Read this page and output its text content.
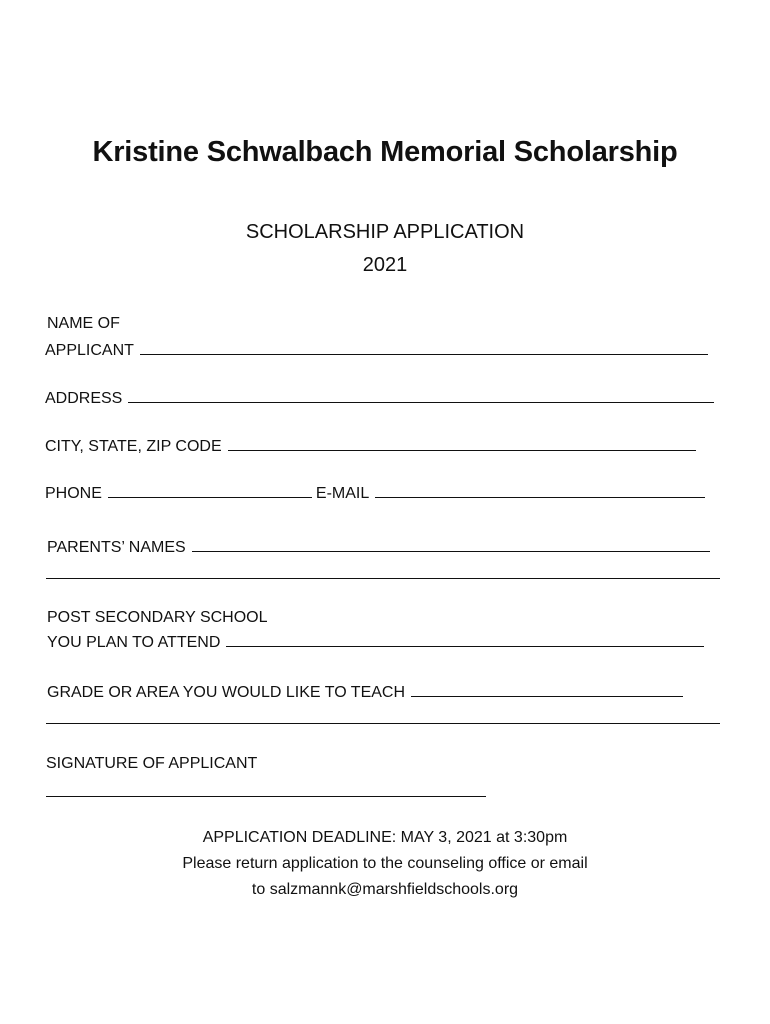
Kristine Schwalbach Memorial Scholarship
SCHOLARSHIP APPLICATION
2021
NAME OF
APPLICANT
ADDRESS
CITY, STATE, ZIP CODE
PHONE	E-MAIL
PARENTS’ NAMES
POST SECONDARY SCHOOL
YOU PLAN TO ATTEND
GRADE OR AREA YOU WOULD LIKE TO TEACH
SIGNATURE OF APPLICANT
APPLICATION DEADLINE: MAY 3, 2021 at 3:30pm
Please return application to the counseling office or email
to salzmannk@marshfieldschools.org
